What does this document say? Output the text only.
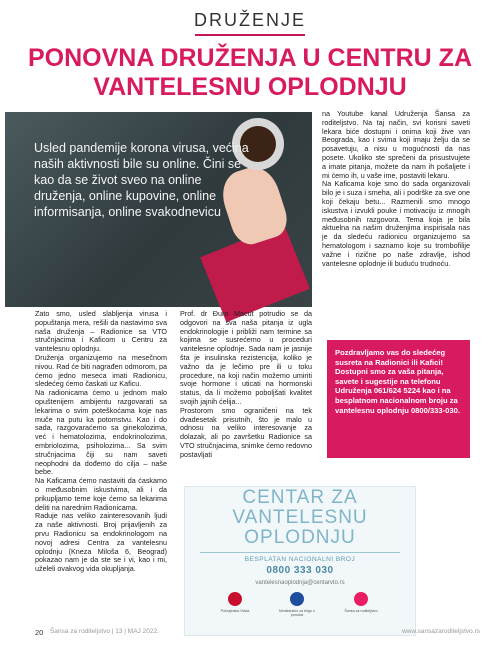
DRUŽENJE
PONOVNA DRUŽENJA U CENTRU ZA VANTELESNU OPLODNJU
Usled pandemije korona virusa, većina naših aktivnosti bile su online. Čini se kao da se život sveo na online druženja, online kupovine, online informisanja, online svakodnevicu

Zato smo, usled slabljenja virusa i popuštanja mera, rešili da nastavimo sva naša druženja – Radionice sa VTO stručnjacima i Kaficom u Centru za vantelesnu oplodnju.

Druženja organizujemo na mesečnom nivou. Rad će biti nagrađen odmorom, pa ćemo jedno meseca imati Radionicu, sledećeg ćemo časkati uz Kaficu.

Na radionicama ćemo u jednom malo opuštenijem ambijentu razgovarati sa lekarima o svim poteškoćama koje nas muče na putu ka potomstvu. Kao i do sada, razgovaraćemo sa ginekolozima, već i hematolozima, endokrinolozima, embriolozima, psiholozima... Sa svim stručnjacima čiji su nam saveti neophodni da dođemo do cilja – naše bebe.

Na Kaficama ćemo nastaviti da ćaskamo o međusobnim iskustvima, ali i da prikupljamo teme koje ćemo sa lekarima deliti na narednim Radionicama.

Raduje nas veliko zainteresovanih ljudi za naše aktivnosti. Broj prijavljenih za prvu Radionicu sa endokrinologom na novoj adresi Centra za vantelesnu oplodnju (Kneza Miloša 6, Beograd) pokazao nam je da ste se i vi, kao i mi, uželeli ovakvog vida okupljanja.

Prof. dr Đuro Macut potrudio se da odgovori na sva naša pitanja iz ugla endokrinologije i približi nam termine sa kojima se susrećemo u proceduri vantelesne oplodnje. Sada nam je jasnije šta je insulinska rezistencija, koliko je važno da je lečimo pre ili u toku procedure, na koji način možemo umiriti svoje hormone i uticati na hormonski status, da li možemo poboljšati kvalitet svojih jajnih ćelija...

Prostorom smo ograničeni na tek dvadesetak prisutnih, što je malo u odnosu na veliko interesovanje za dolazak, ali po završetku Radionice sa VTO stručnjacima, snimke ćemo redovno postavljati

na Youtube kanal Udruženja Šansa za roditeljstvo. Na taj način, svi korisni saveti lekara biće dostupni i onima koji žive van Beograda, kao i svima koji imaju želju da se posavetuju, a nisu u mogućnosti da nas posete. Ukoliko ste sprečeni da prisustvujete a imate pitanja, možete da nam ih pošaljete i mi ćemo ih, u vaše ime, postaviti lekaru.

Na Kaficama koje smo do sada organizovali bilo je i suza i smeha, ali i podrške za sve one koji čekaju betu... Razmenili smo mnogo iskustva i izvukli pouke i motivaciju iz mnogih međusobnih razgovora. Tema koja je bila aktuelna na našim druženjima inspirisala nas je da sledeću radionicu organizujemo sa hematologom i saznamo koje su trombofilije važne i rizične po naše zdravlje, ishod vantelesne oplodnje ili buduću trudnoću.

Pozdravljamo vas do sledećeg susreta na Radionici ili Kafici! Dostupni smo za vaša pitanja, savete i sugestije na telefonu Udruženja 061/624 5224 kao i na besplatnom nacionalnom broju za vantelesnu oplodnju 0800/333-030.
CENTAR ZA VANTELESNU OPLODNJU
BESPLATAN NACIONALNI BROJ
0800 333 030
vantelesnaoplodnja@centarvto.rs
Pokrajinska Vlada	Ministarstvo za brigu o porodici
Šansa za roditeljstvo
20 Šansa za roditeljstvo | 13 | MAJ 2022.	www.sansazaroditeljstvo.rs
